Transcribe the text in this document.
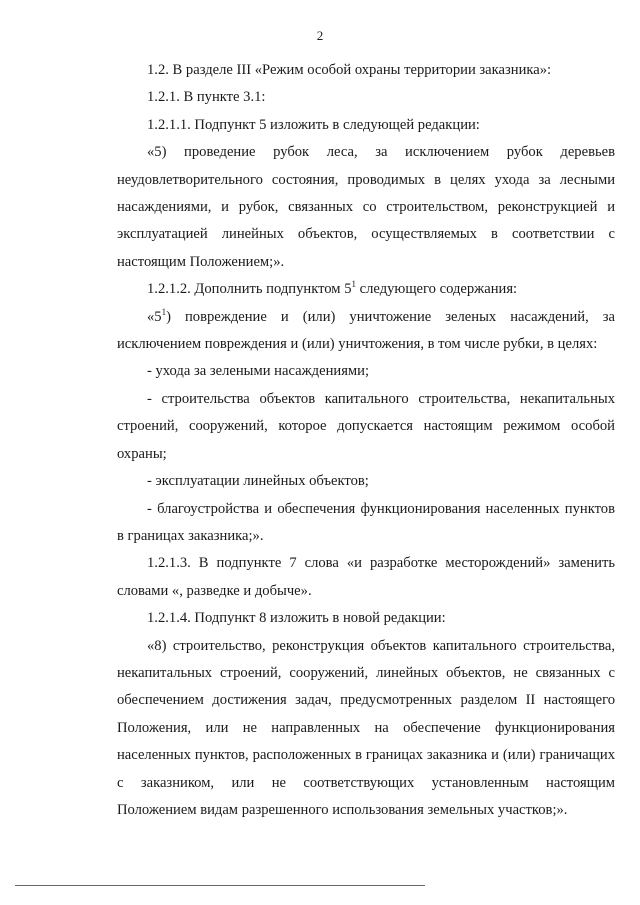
2

1.2. В разделе III «Режим особой охраны территории заказника»:

1.2.1. В пункте 3.1:

1.2.1.1. Подпункт 5 изложить в следующей редакции:

«5) проведение рубок леса, за исключением рубок деревьев неудовлетворительного состояния, проводимых в целях ухода за лесными насаждениями, и рубок, связанных со строительством, реконструкцией и эксплуатацией линейных объектов, осуществляемых в соответствии с настоящим Положением;».

1.2.1.2. Дополнить подпунктом $5^1$ следующего содержания:

«$5^1$) повреждение и (или) уничтожение зеленых насаждений, за исключением повреждения и (или) уничтожения, в том числе рубки, в целях:

- ухода за зелеными насаждениями;

- строительства объектов капитального строительства, некапитальных строений, сооружений, которое допускается настоящим режимом особой охраны;

- эксплуатации линейных объектов;

- благоустройства и обеспечения функционирования населенных пунктов в границах заказника;».

1.2.1.3. В подпункте 7 слова «и разработке месторождений» заменить словами «, разведке и добыче».

1.2.1.4. Подпункт 8 изложить в новой редакции:

«8) строительство, реконструкция объектов капитального строительства, некапитальных строений, сооружений, линейных объектов, не связанных с обеспечением достижения задач, предусмотренных разделом II настоящего Положения, или не направленных на обеспечение функционирования населенных пунктов, расположенных в границах заказника и (или) граничащих с заказником, или не соответствующих установленным настоящим Положением видам разрешенного использования земельных участков;».
